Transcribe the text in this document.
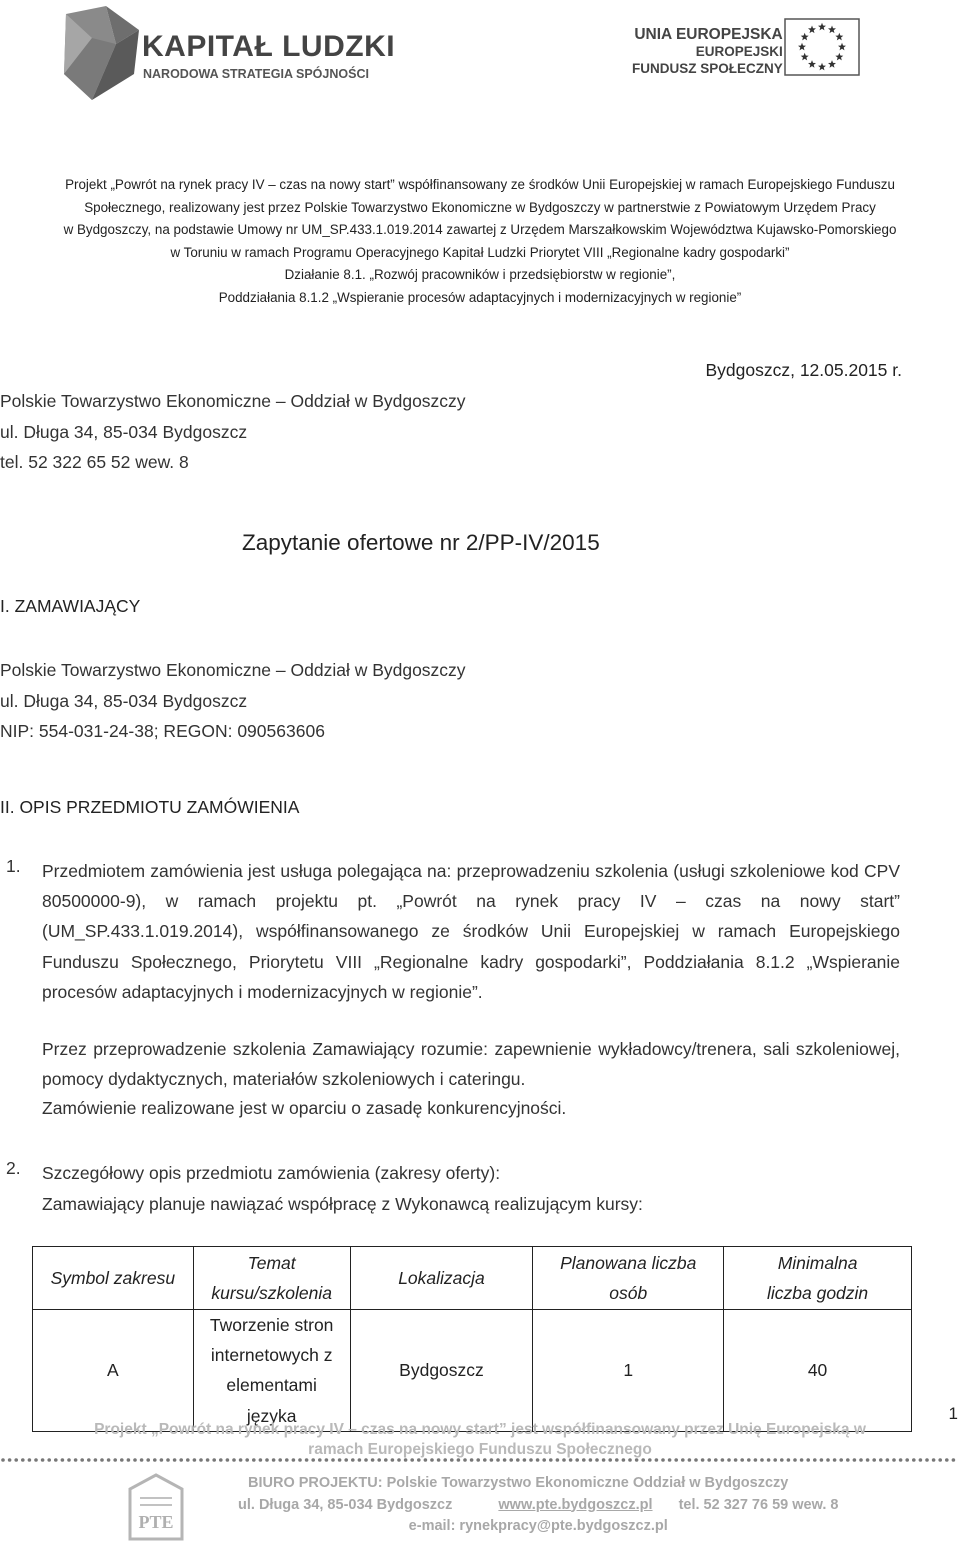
KAPITAŁ LUDZKI
NARODOWA STRATEGIA SPÓJNOŚCI
UNIA EUROPEJSKA
EUROPEJSKI
FUNDUSZ SPOŁECZNY
Projekt „Powrót na rynek pracy IV – czas na nowy start” współfinansowany ze środków Unii Europejskiej w ramach Europejskiego Funduszu
Społecznego, realizowany jest przez Polskie Towarzystwo Ekonomiczne w Bydgoszczy w partnerstwie z Powiatowym Urzędem Pracy
w Bydgoszczy, na podstawie Umowy nr UM_SP.433.1.019.2014 zawartej z Urzędem Marszałkowskim Województwa Kujawsko-Pomorskiego
w Toruniu w ramach Programu Operacyjnego Kapitał Ludzki Priorytet VIII „Regionalne kadry gospodarki”
Działanie 8.1. „Rozwój pracowników i przedsiębiorstw w regionie”,
Poddziałania 8.1.2 „Wspieranie procesów adaptacyjnych i modernizacyjnych w regionie”
Bydgoszcz, 12.05.2015 r.
Polskie Towarzystwo Ekonomiczne – Oddział w Bydgoszczy
ul. Długa 34, 85-034 Bydgoszcz
tel. 52 322 65 52 wew. 8
Zapytanie ofertowe nr 2/PP-IV/2015
I. ZAMAWIAJĄCY
Polskie Towarzystwo Ekonomiczne – Oddział w Bydgoszczy
ul. Długa 34, 85-034 Bydgoszcz
NIP: 554-031-24-38; REGON: 090563606
II. OPIS PRZEDMIOTU ZAMÓWIENIA
1. Przedmiotem zamówienia jest usługa polegająca na: przeprowadzeniu szkolenia (usługi szkoleniowe kod CPV 80500000-9), w ramach projektu pt. „Powrót na rynek pracy IV – czas na nowy start” (UM_SP.433.1.019.2014), współfinansowanego ze środków Unii Europejskiej w ramach Europejskiego Funduszu Społecznego, Priorytetu VIII „Regionalne kadry gospodarki”, Poddziałania 8.1.2 „Wspieranie procesów adaptacyjnych i modernizacyjnych w regionie”.
Przez przeprowadzenie szkolenia Zamawiający rozumie: zapewnienie wykładowcy/trenera, sali szkoleniowej, pomocy dydaktycznych, materiałów szkoleniowych i cateringu.
Zamówienie realizowane jest w oparciu o zasadę konkurencyjności.
2. Szczegółowy opis przedmiotu zamówienia (zakresy oferty):
Zamawiający planuje nawiązać współpracę z Wykonawcą realizującym kursy:
Symbol zakresu	Temat kursu/szkolenia	Lokalizacja	Planowana liczba osób	Minimalna liczba godzin
A	Tworzenie stron internetowych z elementami języka	Bydgoszcz	1	40
1
Projekt „Powrót na rynek pracy IV – czas na nowy start” jest współfinansowany przez Unię Europejską w
ramach Europejskiego Funduszu Społecznego
PTE
BIURO PROJEKTU: Polskie Towarzystwo Ekonomiczne Oddział w Bydgoszczy
ul. Długa 34, 85-034 Bydgoszcz	www.pte.bydgoszcz.pl tel. 52 327 76 59 wew. 8
e-mail: rynekpracy@pte.bydgoszcz.pl
